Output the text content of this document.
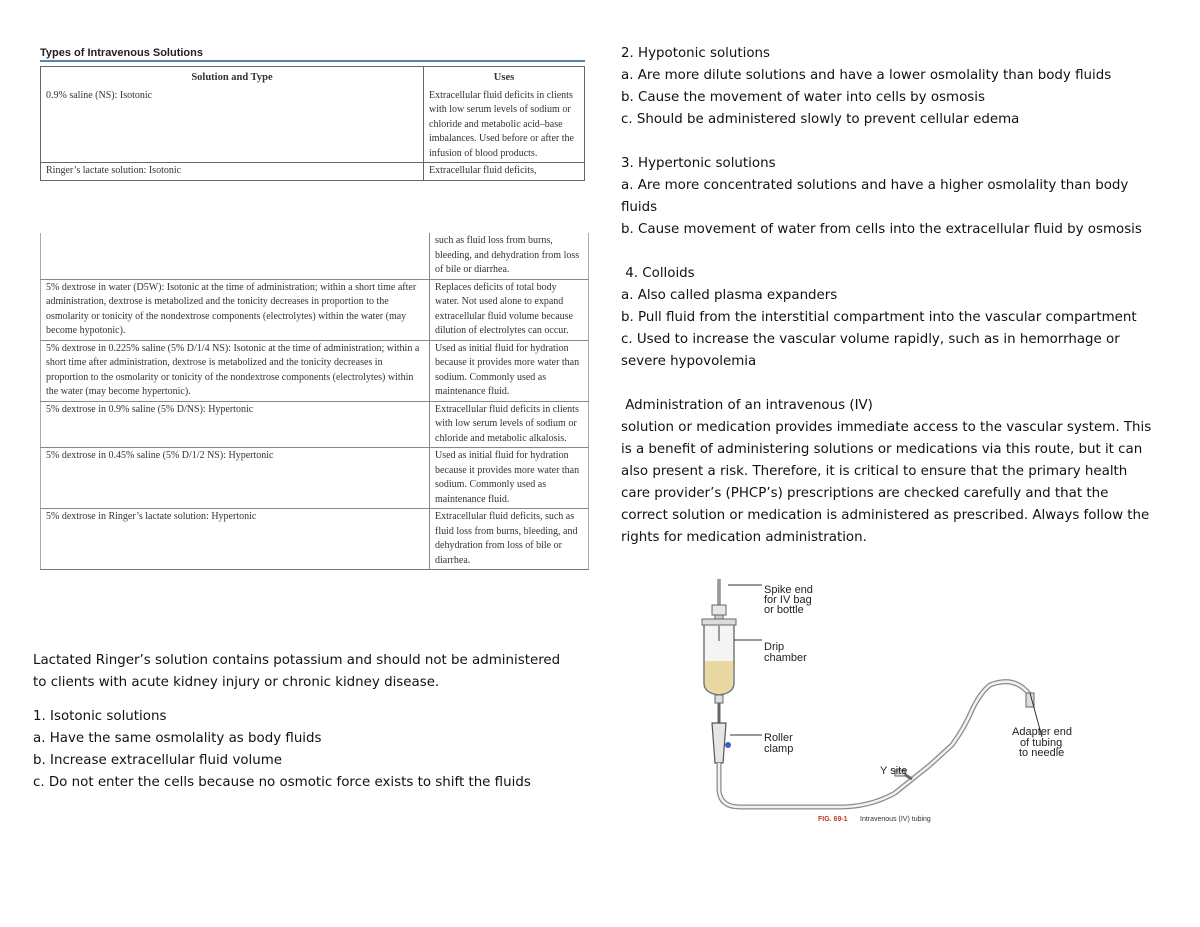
Types of Intravenous Solutions
Solution and Type	Uses
0.9% saline (NS): Isotonic	Extracellular fluid deficits in clients with low serum levels of sodium or chloride and metabolic acid–base imbalances. Used before or after the infusion of blood products.
Ringer’s lactate solution: Isotonic	Extracellular fluid deficits,
	such as fluid loss from burns, bleeding, and dehydration from loss of bile or diarrhea.
5% dextrose in water (D5W): Isotonic at the time of administration; within a short time after administration, dextrose is metabolized and the tonicity decreases in proportion to the osmolarity or tonicity of the nondextrose components (electrolytes) within the water (may become hypotonic).	Replaces deficits of total body water. Not used alone to expand extracellular fluid volume because dilution of electrolytes can occur.
5% dextrose in 0.225% saline (5% D/1/4 NS): Isotonic at the time of administration; within a short time after administration, dextrose is metabolized and the tonicity decreases in proportion to the osmolarity or tonicity of the nondextrose components (electrolytes) within the water (may become hypertonic).	Used as initial fluid for hydration because it provides more water than sodium. Commonly used as maintenance fluid.
5% dextrose in 0.9% saline (5% D/NS): Hypertonic	Extracellular fluid deficits in clients with low serum levels of sodium or chloride and metabolic alkalosis.
5% dextrose in 0.45% saline (5% D/1/2 NS): Hypertonic	Used as initial fluid for hydration because it provides more water than sodium. Commonly used as maintenance fluid.
5% dextrose in Ringer’s lactate solution: Hypertonic	Extracellular fluid deficits, such as fluid loss from burns, bleeding, and dehydration from loss of bile or diarrhea.
Lactated Ringer’s solution contains potassium and should not be administered
to clients with acute kidney injury or chronic kidney disease.
1. Isotonic solutions
a. Have the same osmolality as body fluids
b. Increase extracellular fluid volume
c. Do not enter the cells because no osmotic force exists to shift the fluids
2. Hypotonic solutions
a. Are more dilute solutions and have a lower osmolality than body fluids
b. Cause the movement of water into cells by osmosis
c. Should be administered slowly to prevent cellular edema
3. Hypertonic solutions
a. Are more concentrated solutions and have a higher osmolality than body
fluids
b. Cause movement of water from cells into the extracellular fluid by osmosis
4. Colloids
a. Also called plasma expanders
b. Pull fluid from the interstitial compartment into the vascular compartment
c. Used to increase the vascular volume rapidly, such as in hemorrhage or
severe hypovolemia
Administration of an intravenous (IV)
solution or medication provides immediate access to the vascular system. This
is a benefit of administering solutions or medications via this route, but it can
also present a risk. Therefore, it is critical to ensure that the primary health
care provider’s (PHCP’s) prescriptions are checked carefully and that the
correct solution or medication is administered as prescribed. Always follow the
rights for medication administration.
Spike end
for IV bag
or bottle
Drip
chamber
Roller
clamp
Adapter end
of tubing
to needle
Y site
FIG. 69-1 Intravenous (IV) tubing
